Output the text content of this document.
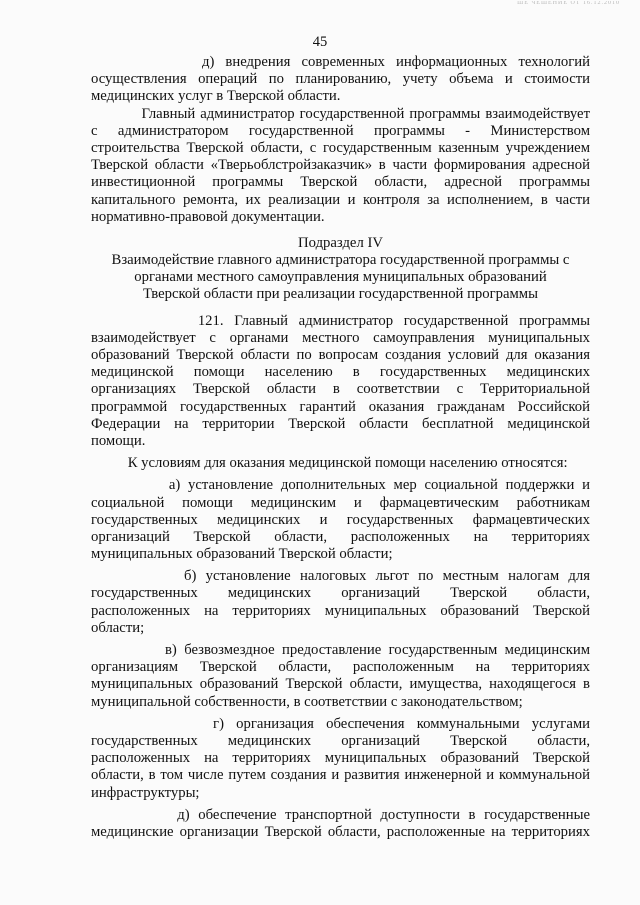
ШЕ ЧЕШЕНИЕ ОТ 16.12.2010
45
д) внедрения современных информационных технологий
осуществления операций по планированию, учету объема и стоимости
медицинских услуг в Тверской области.
Главный администратор государственной программы взаимодействует
с администратором государственной программы - Министерством
строительства Тверской области, с государственным казенным учреждением
Тверской области «Тверьоблстройзаказчик» в части формирования адресной
инвестиционной программы Тверской области, адресной программы
капитального ремонта, их реализации и контроля за исполнением, в части
нормативно-правовой документации.
Подраздел IV
Взаимодействие главного администратора государственной программы с
органами местного самоуправления муниципальных образований
Тверской области при реализации государственной программы
121. Главный администратор государственной программы
взаимодействует с органами местного самоуправления муниципальных
образований Тверской области по вопросам создания условий для оказания
медицинской помощи населению в государственных медицинских
организациях Тверской области в соответствии с Территориальной
программой государственных гарантий оказания гражданам Российской
Федерации на территории Тверской области бесплатной медицинской
помощи.
К условиям для оказания медицинской помощи населению относятся:
а) установление дополнительных мер социальной поддержки и
социальной помощи медицинским и фармацевтическим работникам
государственных медицинских и государственных фармацевтических
организаций Тверской области, расположенных на территориях
муниципальных образований Тверской области;
б) установление налоговых льгот по местным налогам для
государственных медицинских организаций Тверской области,
расположенных на территориях муниципальных образований Тверской
области;
в) безвозмездное предоставление государственным медицинским
организациям Тверской области, расположенным на территориях
муниципальных образований Тверской области, имущества, находящегося в
муниципальной собственности, в соответствии с законодательством;
г) организация обеспечения коммунальными услугами
государственных медицинских организаций Тверской области,
расположенных на территориях муниципальных образований Тверской
области, в том числе путем создания и развития инженерной и коммунальной
инфраструктуры;
д) обеспечение транспортной доступности в государственные
медицинские организации Тверской области, расположенные на территориях
